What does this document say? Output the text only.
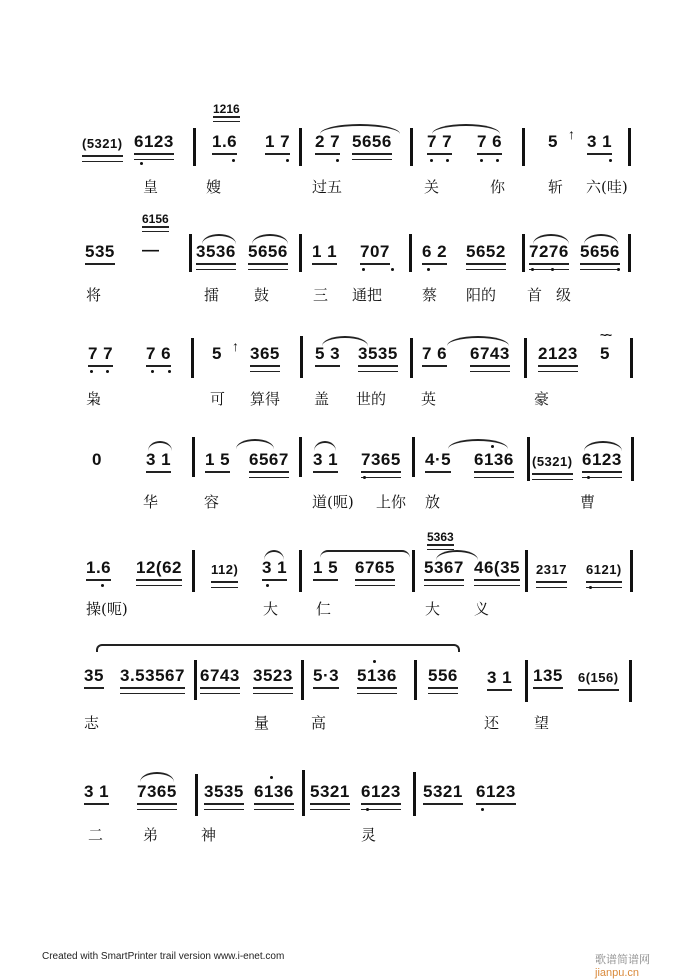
1216
(5321) 6123 1.6 1 7 2 7 5656 7 7 7 6	5 ↑ 3 1
皇	嫂	过五	关	你	斩 六(哇)
6156
535 — 3536 5656 1 1 707 6 2 5652 7276 5656
将	擂 鼓	三 通把	蔡 阳的 首 级
7 7 7 6 5 ↑ 365 5 3 3535 7 6 6743 2123
~~
5
枭	可 算得 盖 世的 英	豪
0	3 1 1 5 6567 3 1 7365 4·5 6136 (5321) 6123
华	容	道(呃) 上你 放	曹
5363
1.6 12(62 112) 3 1 1 5 6765 5367 46(35 2317 6121)
操(呃)	大	仁	大 义
35 3.53567 6743 3523 5·3 5136 556 3 1 135 6(156)
志	量	高	还 望
3 1 7365 3535 6136 5321 6123 5321 6123
二	弟	神	灵
Created with SmartPrinter trail version www.i-enet.com	歌谱简谱网 jianpu.cn
